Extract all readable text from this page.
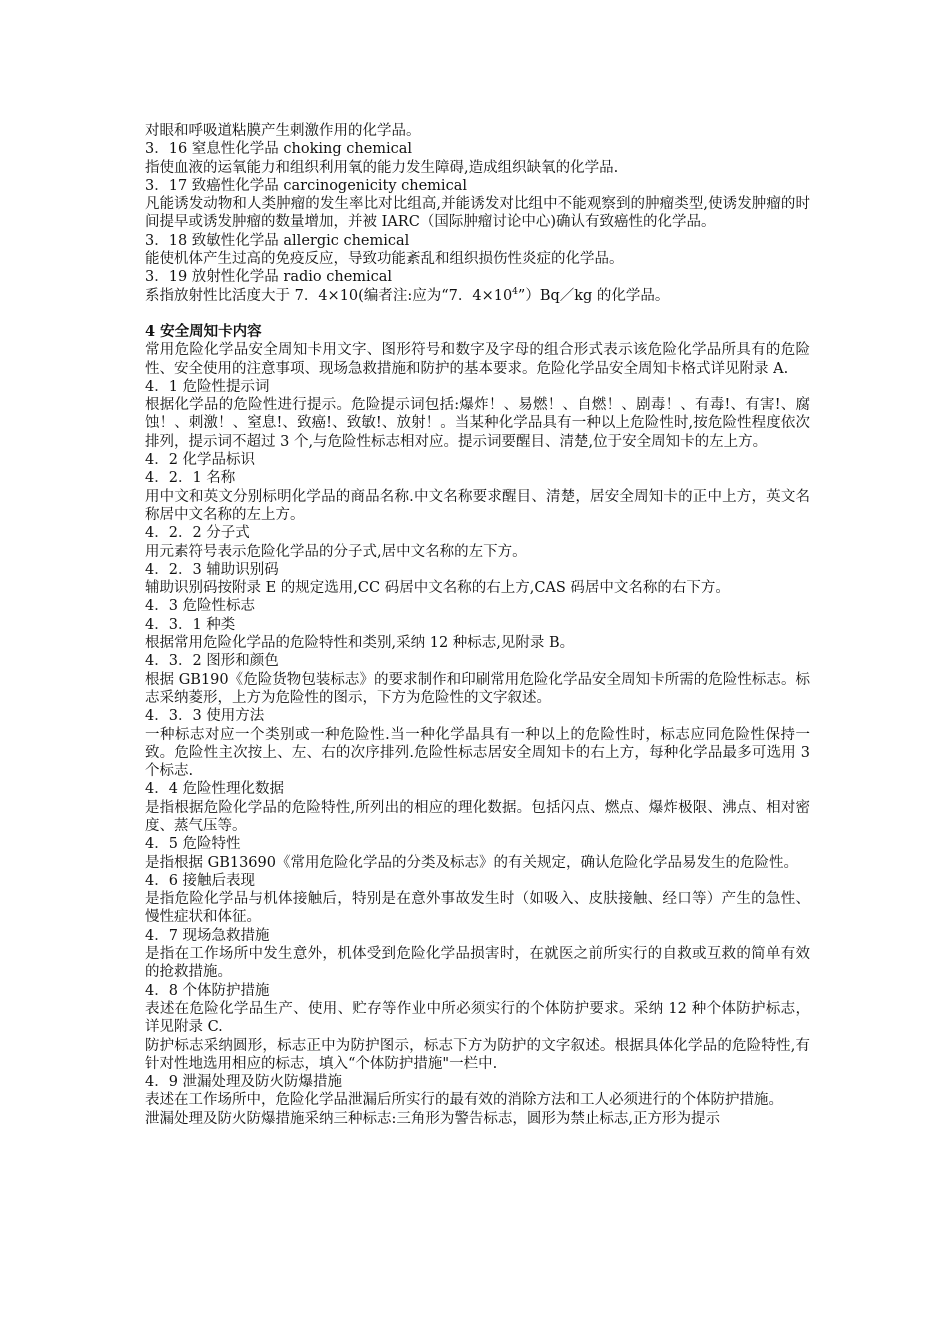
对眼和呼吸道粘膜产生刺激作用的化学品。

3．16 窒息性化学品 choking chemical

指使血液的运氧能力和组织利用氧的能力发生障碍,造成组织缺氧的化学品.

3．17 致癌性化学品 carcinogenicity chemical

凡能诱发动物和人类肿瘤的发生率比对比组高,并能诱发对比组中不能观察到的肿瘤类型,使诱发肿瘤的时间提早或诱发肿瘤的数量增加，并被 IARC（国际肿瘤讨论中心)确认有致癌性的化学品。

3．18 致敏性化学品 allergic chemical

能使机体产生过高的免疫反应，导致功能紊乱和组织损伤性炎症的化学品。

3．19 放射性化学品 radio chemical

系指放射性比活度大于 7．4×10(编者注:应为“7．$4\times 10^4”)Bq/kg$ 的化学品。

4 安全周知卡内容

常用危险化学品安全周知卡用文字、图形符号和数字及字母的组合形式表示该危险化学品所具有的危险性、安全使用的注意事项、现场急救措施和防护的基本要求。危险化学品安全周知卡格式详见附录 A.

4．1 危险性提示词

根据化学品的危险性进行提示。危险提示词包括:爆炸！、易燃！、自燃！、剧毒！、有毒!、有害!、腐蚀！、刺激！、窒息!、致癌!、致敏!、放射！。当某种化学品具有一种以上危险性时,按危险性程度依次排列，提示词不超过 3 个,与危险性标志相对应。提示词要醒目、清楚,位于安全周知卡的左上方。

4．2 化学品标识

4．2．1 名称

用中文和英文分别标明化学品的商品名称.中文名称要求醒目、清楚，居安全周知卡的正中上方，英文名称居中文名称的左上方。

4．2．2 分子式

用元素符号表示危险化学品的分子式,居中文名称的左下方。

4．2．3 辅助识别码

辅助识别码按附录 E 的规定选用,CC 码居中文名称的右上方,CAS 码居中文名称的右下方。

4．3 危险性标志

4．3．1 种类

根据常用危险化学品的危险特性和类别,采纳 12 种标志,见附录 B。

4．3．2 图形和颜色

根据 GB190《危险货物包装标志》的要求制作和印刷常用危险化学品安全周知卡所需的危险性标志。标志采纳菱形，上方为危险性的图示，下方为危险性的文字叙述。

4．3．3 使用方法

一种标志对应一个类别或一种危险性.当一种化学晶具有一种以上的危险性时，标志应同危险性保持一致。危险性主次按上、左、右的次序排列.危险性标志居安全周知卡的右上方，每种化学品最多可选用 3 个标志.

4．4 危险性理化数据

是指根据危险化学品的危险特性,所列出的相应的理化数据。包括闪点、燃点、爆炸极限、沸点、相对密度、蒸气压等。

4．5 危险特性

是指根据 GB13690《常用危险化学品的分类及标志》的有关规定，确认危险化学品易发生的危险性。

4．6 接触后表现

是指危险化学品与机体接触后，特别是在意外事故发生时（如吸入、皮肤接触、经口等）产生的急性、慢性症状和体征。

4．7 现场急救措施

是指在工作场所中发生意外，机体受到危险化学品损害时，在就医之前所实行的自救或互救的简单有效的抢救措施。

4．8 个体防护措施

表述在危险化学品生产、使用、贮存等作业中所必须实行的个体防护要求。采纳 12 种个体防护标志，详见附录 C.

防护标志采纳圆形，标志正中为防护图示，标志下方为防护的文字叙述。根据具体化学品的危险特性,有针对性地选用相应的标志，填入“个体防护措施"一栏中.

4．9 泄漏处理及防火防爆措施

表述在工作场所中，危险化学品泄漏后所实行的最有效的消除方法和工人必须进行的个体防护措施。

泄漏处理及防火防爆措施采纳三种标志:三角形为警告标志，圆形为禁止标志,正方形为提示
